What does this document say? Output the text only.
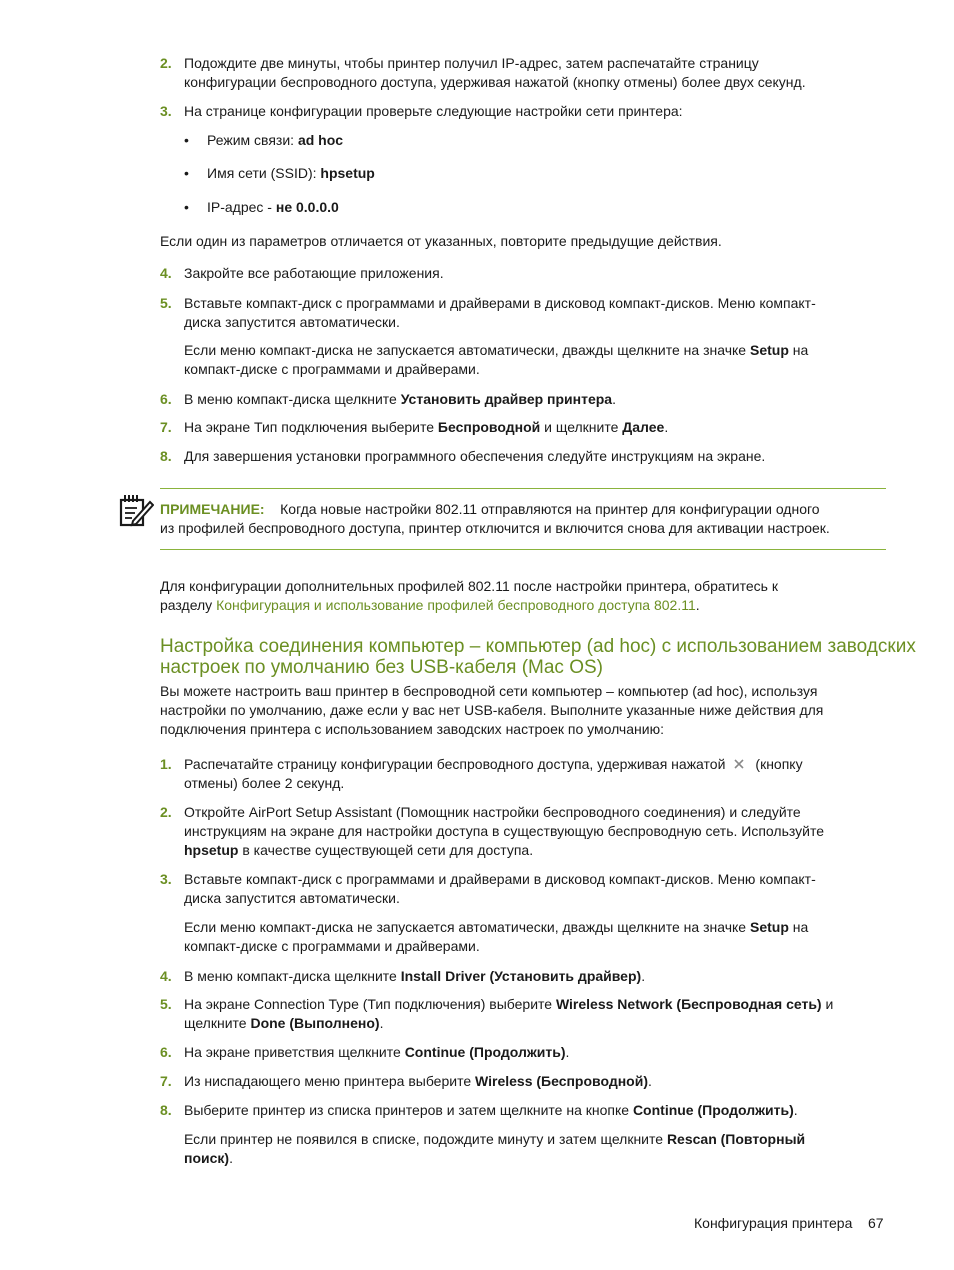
2. Подождите две минуты, чтобы принтер получил IP-адрес, затем распечатайте страницу
конфигурации беспроводного доступа, удерживая нажатой (кнопку отмены) более двух секунд.
3. На странице конфигурации проверьте следующие настройки сети принтера:
• Режим связи: ad hoc
• Имя сети (SSID): hpsetup
• IP-адрес - не 0.0.0.0
Если один из параметров отличается от указанных, повторите предыдущие действия.
4. Закройте все работающие приложения.
5. Вставьте компакт-диск с программами и драйверами в дисковод компакт-дисков. Меню компакт-
диска запустится автоматически.
Если меню компакт-диска не запускается автоматически, дважды щелкните на значке Setup на
компакт-диске с программами и драйверами.
6. В меню компакт-диска щелкните Установить драйвер принтера.
7. На экране Тип подключения выберите Беспроводной и щелкните Далее.
8. Для завершения установки программного обеспечения следуйте инструкциям на экране.
ПРИМЕЧАНИЕ: Когда новые настройки 802.11 отправляются на принтер для конфигурации одного
из профилей беспроводного доступа, принтер отключится и включится снова для активации настроек.
Для конфигурации дополнительных профилей 802.11 после настройки принтера, обратитесь к
разделу Конфигурация и использование профилей беспроводного доступа 802.11.
Настройка соединения компьютер – компьютер (ad hoc) с использованием заводских
настроек по умолчанию без USB-кабеля (Mac OS)
Вы можете настроить ваш принтер в беспроводной сети компьютер – компьютер (ad hoc), используя
настройки по умолчанию, даже если у вас нет USB-кабеля. Выполните указанные ниже действия для
подключения принтера с использованием заводских настроек по умолчанию:
1. Распечатайте страницу конфигурации беспроводного доступа, удерживая нажатой (кнопку
отмены) более 2 секунд.
2. Откройте AirPort Setup Assistant (Помощник настройки беспроводного соединения) и следуйте
инструкциям на экране для настройки доступа в существующую беспроводную сеть. Используйте
hpsetup в качестве существующей сети для доступа.
3. Вставьте компакт-диск с программами и драйверами в дисковод компакт-дисков. Меню компакт-
диска запустится автоматически.
Если меню компакт-диска не запускается автоматически, дважды щелкните на значке Setup на
компакт-диске с программами и драйверами.
4. В меню компакт-диска щелкните Install Driver (Установить драйвер).
5. На экране Connection Type (Тип подключения) выберите Wireless Network (Беспроводная сеть) и
щелкните Done (Выполнено).
6. На экране приветствия щелкните Continue (Продолжить).
7. Из ниспадающего меню принтера выберите Wireless (Беспроводной).
8. Выберите принтер из списка принтеров и затем щелкните на кнопке Continue (Продолжить).
Если принтер не появился в списке, подождите минуту и затем щелкните Rescan (Повторный
поиск).
Конфигурация принтера 67
